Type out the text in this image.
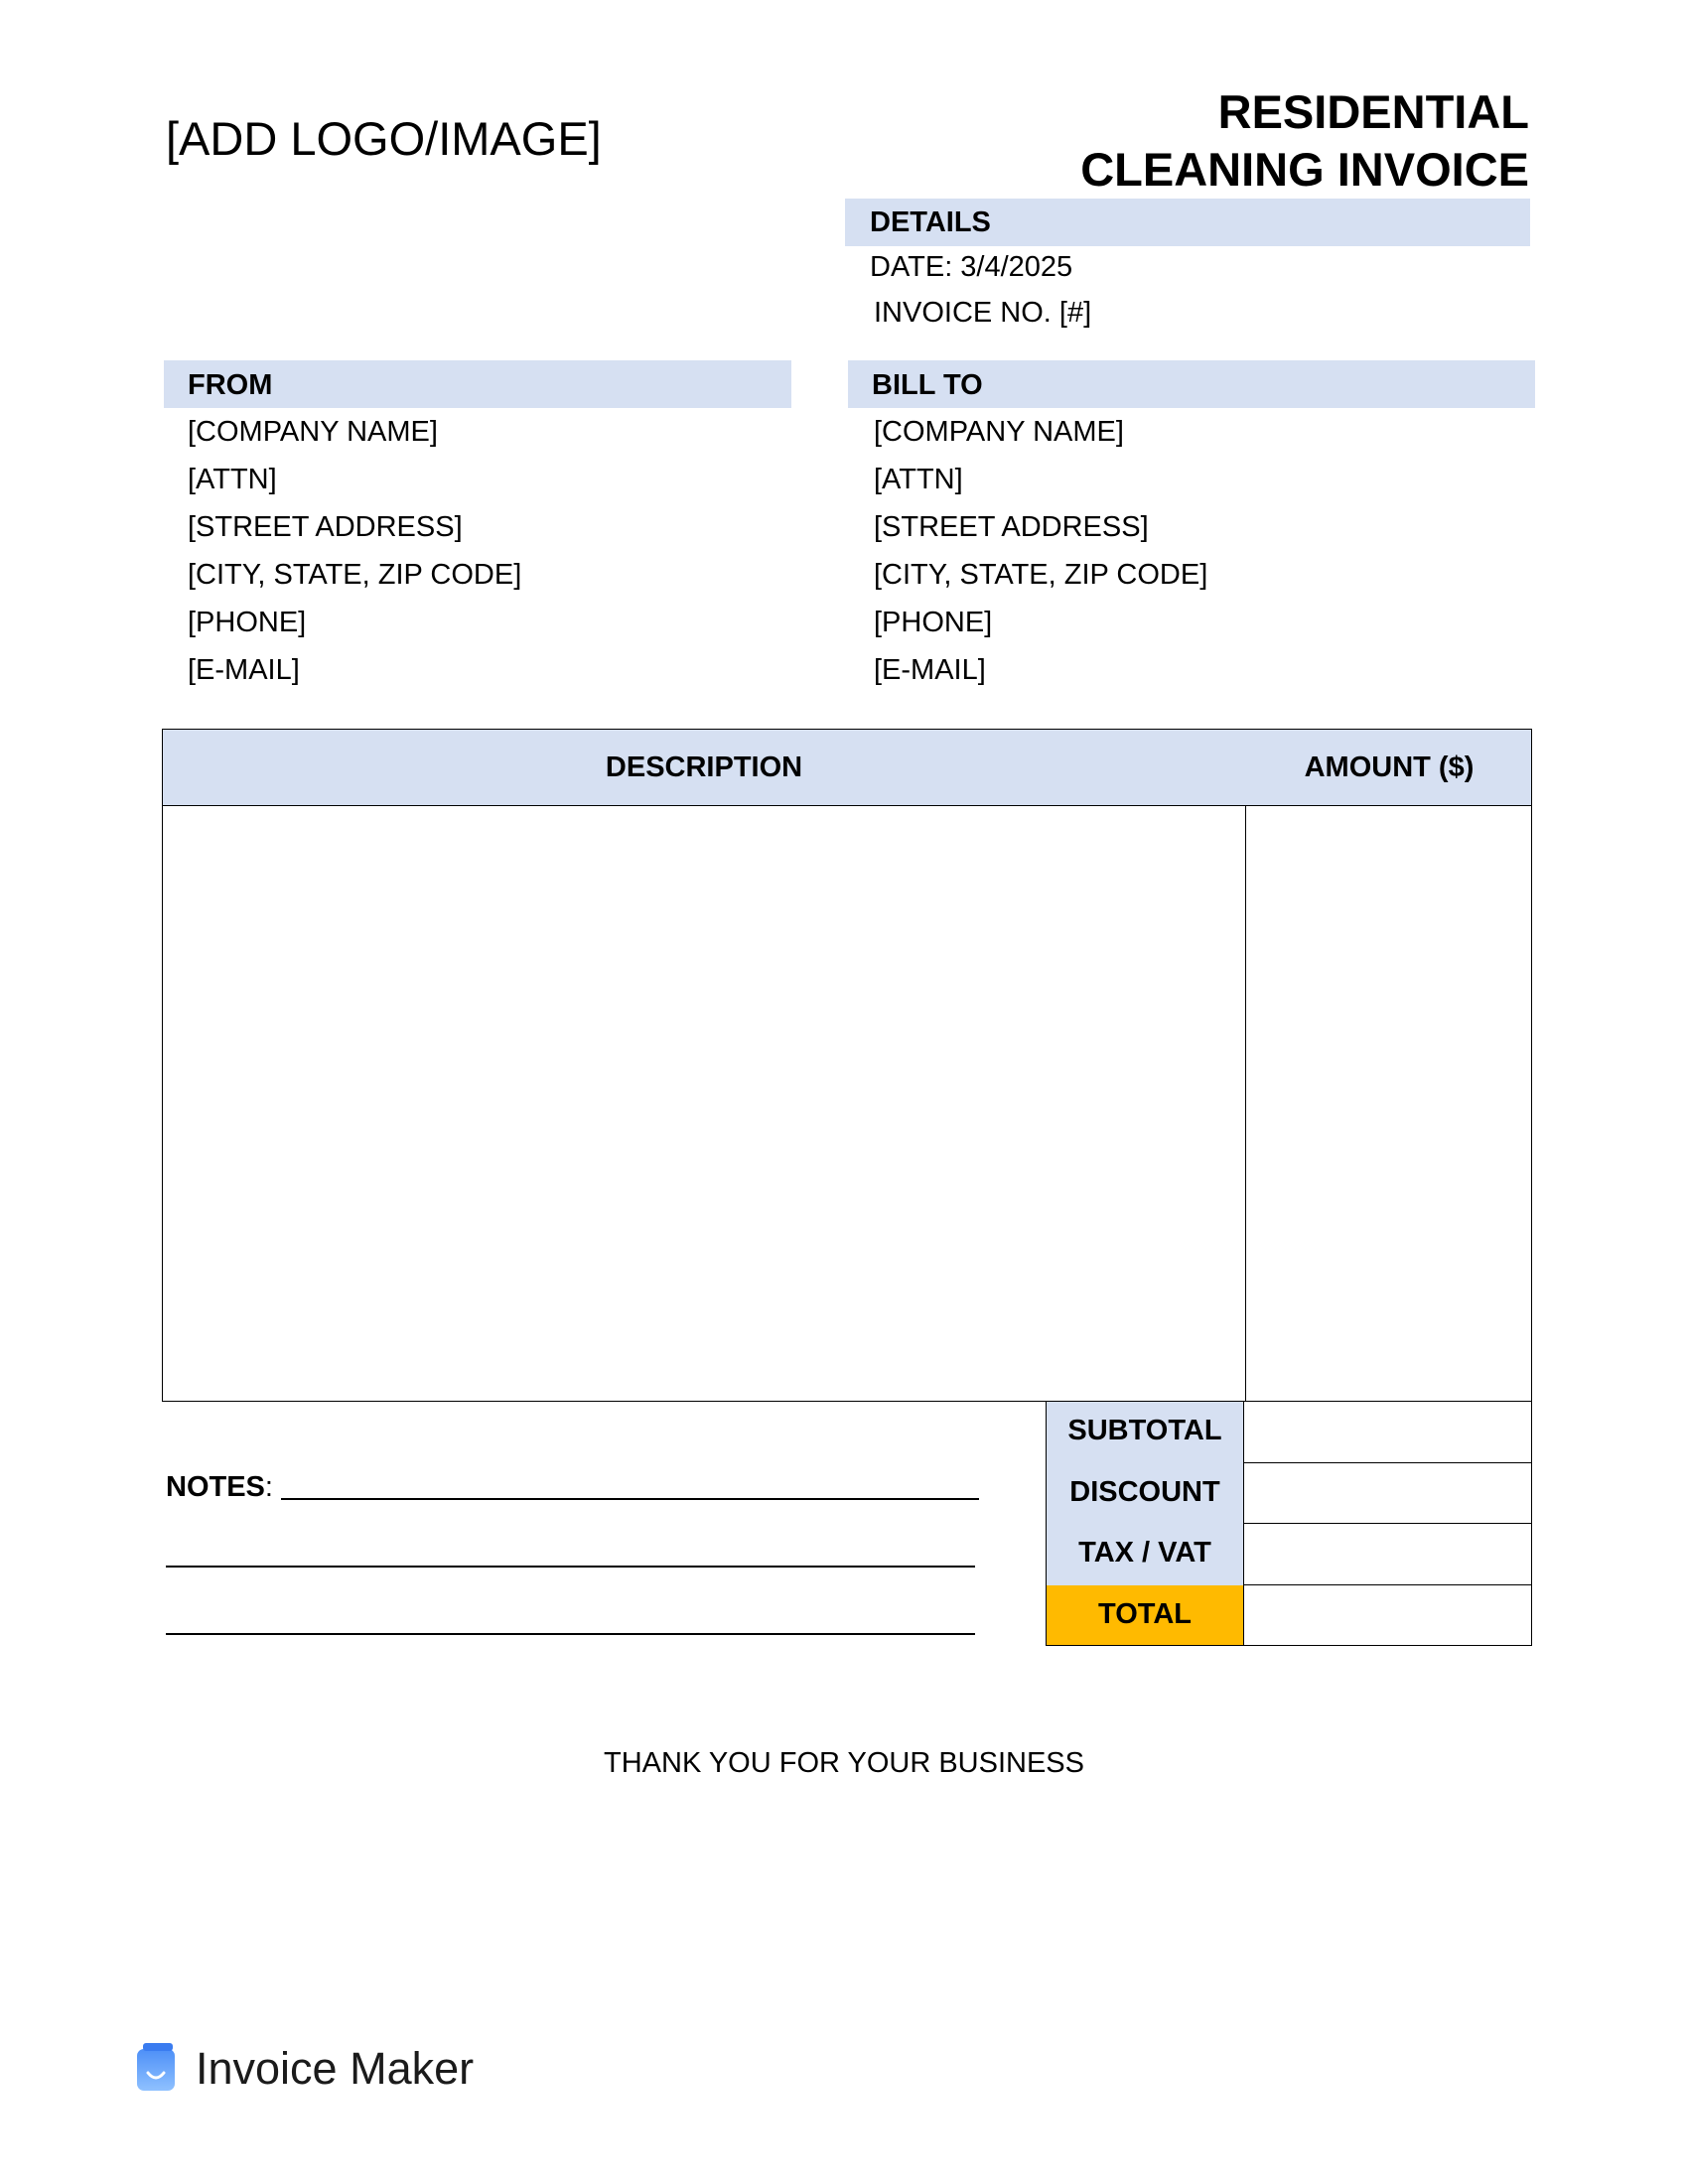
[ADD LOGO/IMAGE]
RESIDENTIAL
CLEANING INVOICE
DETAILS
DATE: 3/4/2025
INVOICE NO. [#]
FROM
[COMPANY NAME]
[ATTN]
[STREET ADDRESS]
[CITY, STATE, ZIP CODE]
[PHONE]
[E-MAIL]
BILL TO
[COMPANY NAME]
[ATTN]
[STREET ADDRESS]
[CITY, STATE, ZIP CODE]
[PHONE]
[E-MAIL]
DESCRIPTION	AMOUNT ($)
SUBTOTAL
DISCOUNT
TAX / VAT
TOTAL
NOTES:
THANK YOU FOR YOUR BUSINESS
Invoice Maker
